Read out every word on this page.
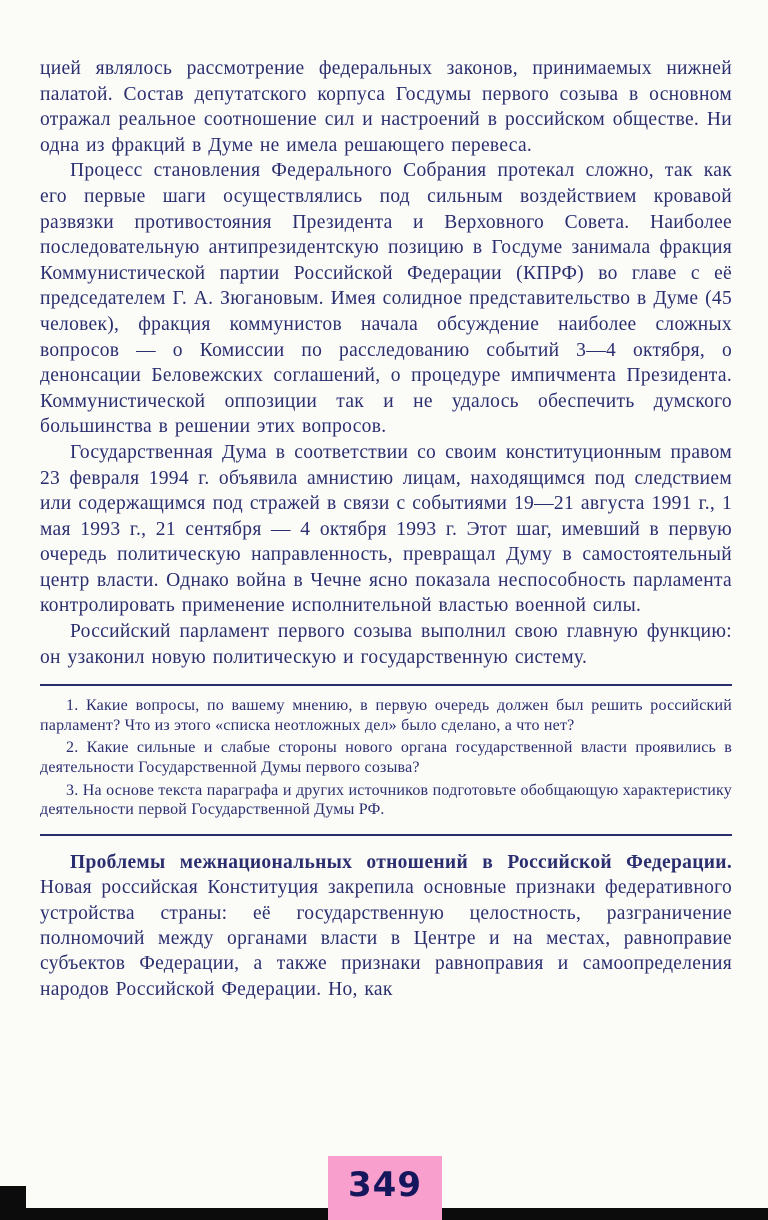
цией являлось рассмотрение федеральных законов, принимаемых нижней палатой. Состав депутатского корпуса Госдумы первого созыва в основном отражал реальное соотношение сил и настроений в российском обществе. Ни одна из фракций в Думе не имела решающего перевеса.

Процесс становления Федерального Собрания протекал сложно, так как его первые шаги осуществлялись под сильным воздействием кровавой развязки противостояния Президента и Верховного Совета. Наиболее последовательную антипрезидентскую позицию в Госдуме занимала фракция Коммунистической партии Российской Федерации (КПРФ) во главе с её председателем Г. А. Зюгановым. Имея солидное представительство в Думе (45 человек), фракция коммунистов начала обсуждение наиболее сложных вопросов — о Комиссии по расследованию событий 3—4 октября, о денонсации Беловежских соглашений, о процедуре импичмента Президента. Коммунистической оппозиции так и не удалось обеспечить думского большинства в решении этих вопросов.

Государственная Дума в соответствии со своим конституционным правом 23 февраля 1994 г. объявила амнистию лицам, находящимся под следствием или содержащимся под стражей в связи с событиями 19—21 августа 1991 г., 1 мая 1993 г., 21 сентября — 4 октября 1993 г. Этот шаг, имевший в первую очередь политическую направленность, превращал Думу в самостоятельный центр власти. Однако война в Чечне ясно показала неспособность парламента контролировать применение исполнительной властью военной силы.

Российский парламент первого созыва выполнил свою главную функцию: он узаконил новую политическую и государственную систему.

1. Какие вопросы, по вашему мнению, в первую очередь должен был решить российский парламент? Что из этого «списка неотложных дел» было сделано, а что нет?

2. Какие сильные и слабые стороны нового органа государственной власти проявились в деятельности Государственной Думы первого созыва?

3. На основе текста параграфа и других источников подготовьте обобщающую характеристику деятельности первой Государственной Думы РФ.

Проблемы межнациональных отношений в Российской Федерации. Новая российская Конституция закрепила основные признаки федеративного устройства страны: её государственную целостность, разграничение полномочий между органами власти в Центре и на местах, равноправие субъектов Федерации, а также признаки равноправия и самоопределения народов Российской Федерации. Но, как

349
